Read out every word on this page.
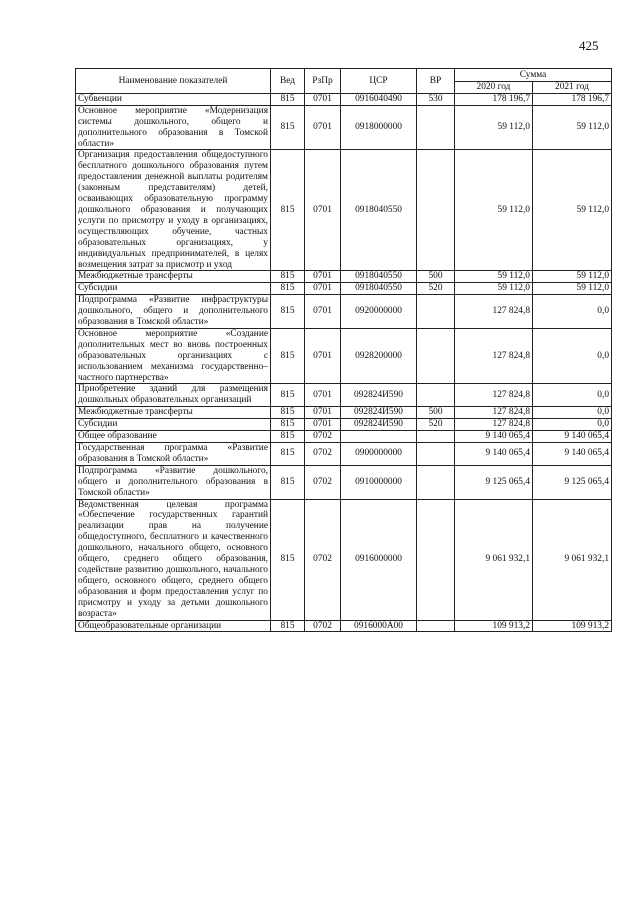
425
Наименование показателей	Вед	РзПр	ЦСР	ВР	Сумма	
					2020 год	2021 год
Субвенции	815	0701	0916040490	530	178 196,7	178 196,7
Основное мероприятие «Модернизация системы дошкольного, общего и дополнительного образования в Томской области»	815	0701	0918000000		59 112,0	59 112,0
Организация предоставления общедоступного бесплатного дошкольного образования путем предоставления денежной выплаты родителям (законным представителям) детей, осваивающих образовательную программу дошкольного образования и получающих услуги по присмотру и уходу в организациях, осуществляющих обучение, частных образовательных организациях, у индивидуальных предпринимателей, в целях возмещения затрат за присмотр и уход	815	0701	0918040550		59 112,0	59 112,0
Межбюджетные трансферты	815	0701	0918040550	500	59 112,0	59 112,0
Субсидии	815	0701	0918040550	520	59 112,0	59 112,0
Подпрограмма «Развитие инфраструктуры дошкольного, общего и дополнительного образования в Томской области»	815	0701	0920000000		127 824,8	0,0
Основное мероприятие «Создание дополнительных мест во вновь построенных образовательных организациях с использованием механизма государственно–частного партнерства»	815	0701	0928200000		127 824,8	0,0
Приобретение зданий для размещения дошкольных образовательных организаций	815	0701	092824И590		127 824,8	0,0
Межбюджетные трансферты	815	0701	092824И590	500	127 824,8	0,0
Субсидии	815	0701	092824И590	520	127 824,8	0,0
Общее образование	815	0702			9 140 065,4	9 140 065,4
Государственная программа «Развитие образования в Томской области»	815	0702	0900000000		9 140 065,4	9 140 065,4
Подпрограмма «Развитие дошкольного, общего и дополнительного образования в Томской области»	815	0702	0910000000		9 125 065,4	9 125 065,4
Ведомственная целевая программа «Обеспечение государственных гарантий реализации прав на получение общедоступного, бесплатного и качественного дошкольного, начального общего, основного общего, среднего общего образования, содействие развитию дошкольного, начального общего, основного общего, среднего общего образования и форм предоставления услуг по присмотру и уходу за детьми дошкольного возраста»	815	0702	0916000000		9 061 932,1	9 061 932,1
Общеобразовательные организации	815	0702	0916000А00		109 913,2	109 913,2
